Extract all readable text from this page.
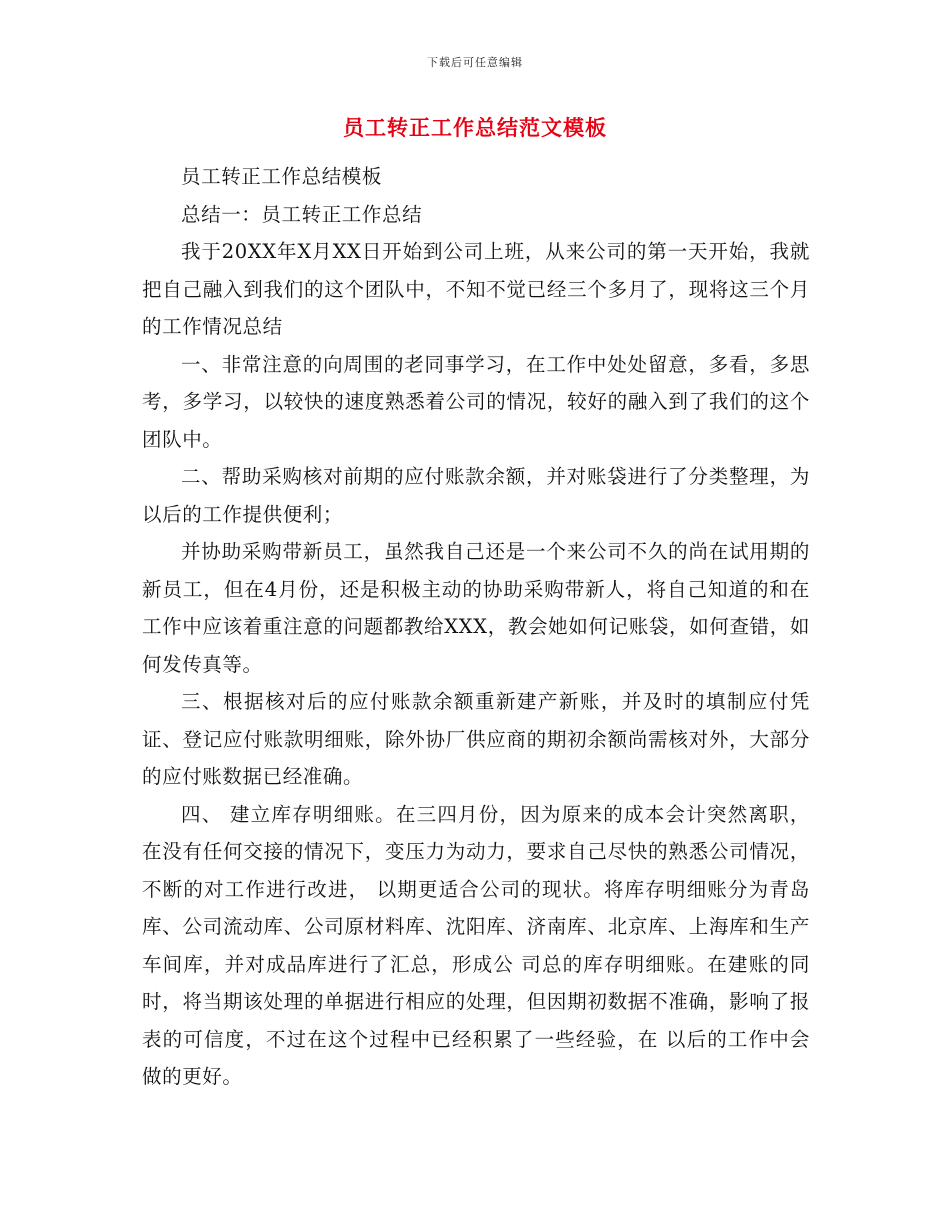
下载后可任意编辑
员工转正工作总结范文模板

员工转正工作总结模板

总结一：员工转正工作总结

我于20XX年X月XX日开始到公司上班，从来公司的第一天开始，我就把自己融入到我们的这个团队中，不知不觉已经三个多月了，现将这三个月的工作情况总结

一、非常注意的向周围的老同事学习，在工作中处处留意，多看，多思考，多学习，以较快的速度熟悉着公司的情况，较好的融入到了我们的这个团队中。

二、帮助采购核对前期的应付账款余额，并对账袋进行了分类整理，为以后的工作提供便利；

并协助采购带新员工，虽然我自己还是一个来公司不久的尚在试用期的新员工，但在4月份，还是积极主动的协助采购带新人，将自己知道的和在工作中应该着重注意的问题都教给XXX，教会她如何记账袋，如何查错，如何发传真等。

三、根据核对后的应付账款余额重新建产新账，并及时的填制应付凭证、登记应付账款明细账，除外协厂供应商的期初余额尚需核对外，大部分的应付账数据已经准确。

四、 建立库存明细账。在三四月份，因为原来的成本会计突然离职，在没有任何交接的情况下，变压力为动力，要求自己尽快的熟悉公司情况，不断的对工作进行改进， 以期更适合公司的现状。将库存明细账分为青岛库、公司流动库、公司原材料库、沈阳库、济南库、北京库、上海库和生产车间库，并对成品库进行了汇总，形成公 司总的库存明细账。在建账的同时，将当期该处理的单据进行相应的处理，但因期初数据不准确，影响了报表的可信度，不过在这个过程中已经积累了一些经验，在 以后的工作中会做的更好。
